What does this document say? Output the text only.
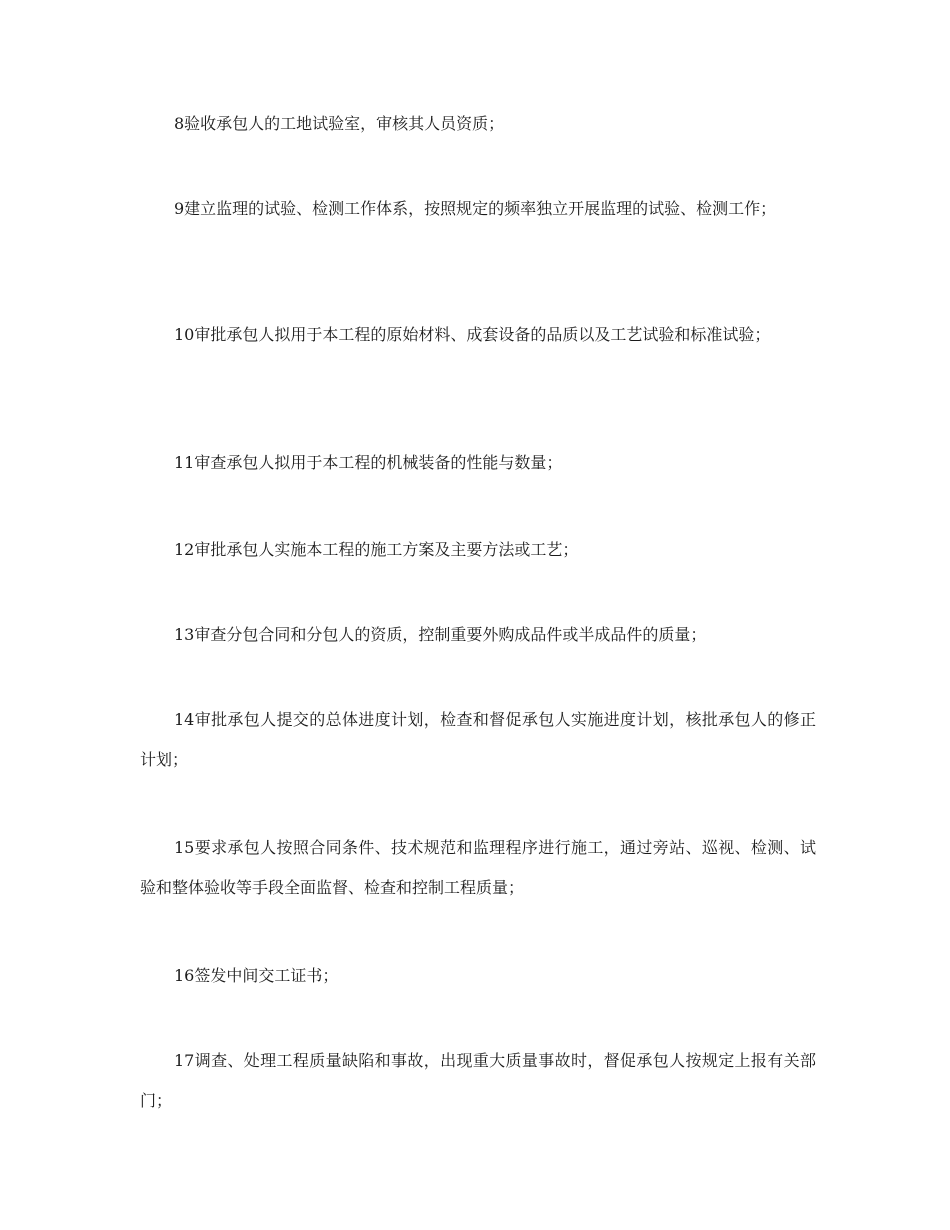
8验收承包人的工地试验室，审核其人员资质；

9建立监理的试验、检测工作体系，按照规定的频率独立开展监理的试验、检测工作；

10审批承包人拟用于本工程的原始材料、成套设备的品质以及工艺试验和标准试验；

11审查承包人拟用于本工程的机械装备的性能与数量；

12审批承包人实施本工程的施工方案及主要方法或工艺；

13审查分包合同和分包人的资质，控制重要外购成品件或半成品件的质量；

14审批承包人提交的总体进度计划，检查和督促承包人实施进度计划，核批承包人的修正计划；

15要求承包人按照合同条件、技术规范和监理程序进行施工，通过旁站、巡视、检测、试验和整体验收等手段全面监督、检查和控制工程质量；

16签发中间交工证书；

17调查、处理工程质量缺陷和事故，出现重大质量事故时，督促承包人按规定上报有关部门；
